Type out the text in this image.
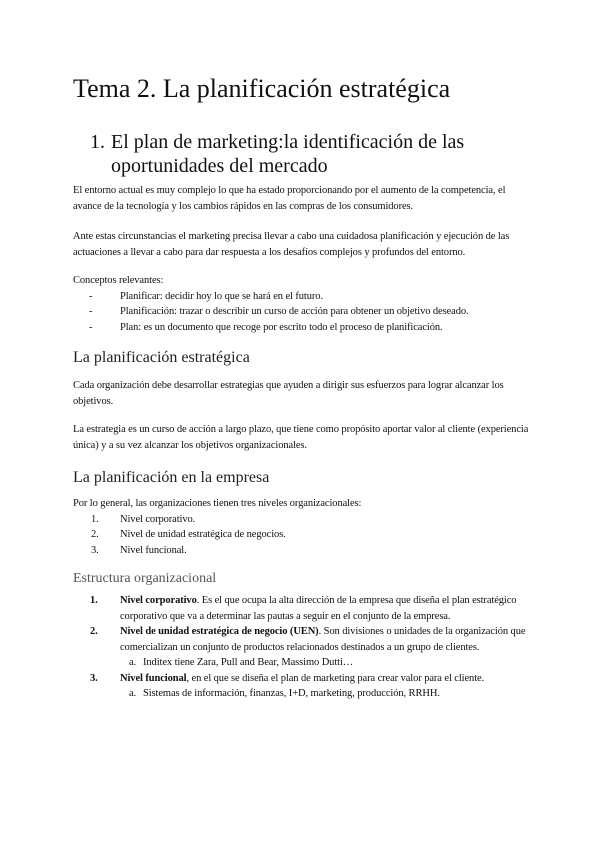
Tema 2. La planificación estratégica
1. El plan de marketing:la identificación de las oportunidades del mercado
El entorno actual es muy complejo lo que ha estado proporcionando por el aumento de la competencia, el avance de la tecnología y los cambios rápidos en las compras de los consumidores.
Ante estas circunstancias el marketing precisa llevar a cabo una cuidadosa planificación y ejecución de las actuaciones a llevar a cabo para dar respuesta a los desafíos complejos y profundos del entorno.
Conceptos relevantes:
-	Planificar: decidir hoy lo que se hará en el futuro.
-	Planificación: trazar o describir un curso de acción para obtener un objetivo deseado.
-	Plan: es un documento que recoge por escrito todo el proceso de planificación.
La planificación estratégica
Cada organización debe desarrollar estrategias que ayuden a dirigir sus esfuerzos para lograr alcanzar los objetivos.
La estrategia es un curso de acción a largo plazo, que tiene como propósito aportar valor al cliente (experiencia única) y a su vez alcanzar los objetivos organizacionales.
La planificación en la empresa
Por lo general, las organizaciones tienen tres niveles organizacionales:
1. Nivel corporativo.
2. Nivel de unidad estratégica de negocios.
3. Nivel funcional.
Estructura organizacional
1. Nivel corporativo. Es el que ocupa la alta dirección de la empresa que diseña el plan estratégico corporativo que va a determinar las pautas a seguir en el conjunto de la empresa.
2. Nivel de unidad estratégica de negocio (UEN). Son divisiones o unidades de la organización que comercializan un conjunto de productos relacionados destinados a un grupo de clientes.
a. Inditex tiene Zara, Pull and Bear, Massimo Dutti…
3. Nivel funcional, en el que se diseña el plan de marketing para crear valor para el cliente.
a. Sistemas de información, finanzas, I+D, marketing, producción, RRHH.
